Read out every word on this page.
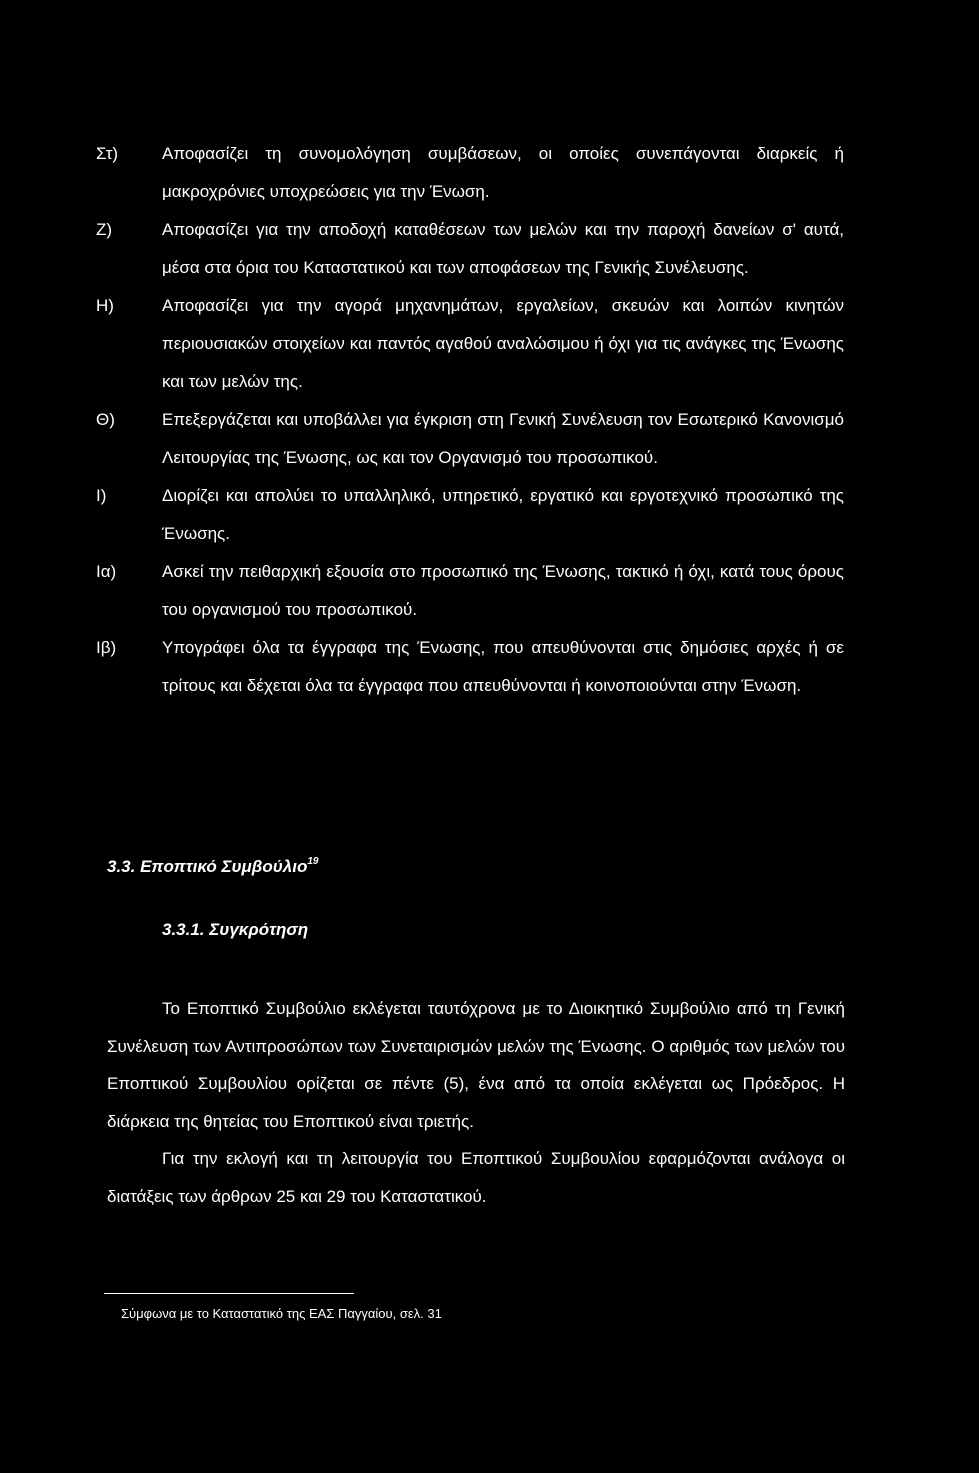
Στ)	Αποφασίζει τη συνομολόγηση συμβάσεων, οι οποίες συνεπάγονται διαρκείς ή μακροχρόνιες υποχρεώσεις για την Ένωση.
Ζ)	Αποφασίζει για την αποδοχή καταθέσεων των μελών και την παροχή δανείων σ' αυτά, μέσα στα όρια του Καταστατικού και των αποφάσεων της Γενικής Συνέλευσης.
Η)	Αποφασίζει για την αγορά μηχανημάτων, εργαλείων, σκευών και λοιπών κινητών περιουσιακών στοιχείων και παντός αγαθού αναλώσιμου ή όχι για τις ανάγκες της Ένωσης και των μελών της.
Θ)	Επεξεργάζεται και υποβάλλει για έγκριση στη Γενική Συνέλευση τον Εσωτερικό Κανονισμό Λειτουργίας της Ένωσης, ως και τον Οργανισμό του προσωπικού.
Ι)	Διορίζει και απολύει το υπαλληλικό, υπηρετικό, εργατικό και εργοτεχνικό προσωπικό της Ένωσης.
Ια)	Ασκεί την πειθαρχική εξουσία στο προσωπικό της Ένωσης, τακτικό ή όχι, κατά τους όρους του οργανισμού του προσωπικού.
Ιβ)	Υπογράφει όλα τα έγγραφα της Ένωσης, που απευθύνονται στις δημόσιες αρχές ή σε τρίτους και δέχεται όλα τα έγγραφα που απευθύνονται ή κοινοποιούνται στην Ένωση.
3.3. Εποπτικό Συμβούλιο$^{19}$
3.3.1. Συγκρότηση

Το Εποπτικό Συμβούλιο εκλέγεται ταυτόχρονα με το Διοικητικό Συμβούλιο από τη Γενική Συνέλευση των Αντιπροσώπων των Συνεταιρισμών μελών της Ένωσης. Ο αριθμός των μελών του Εποπτικού Συμβουλίου ορίζεται σε πέντε (5), ένα από τα οποία εκλέγεται ως Πρόεδρος. Η διάρκεια της θητείας του Εποπτικού είναι τριετής.

Για την εκλογή και τη λειτουργία του Εποπτικού Συμβουλίου εφαρμόζονται ανάλογα οι διατάξεις των άρθρων 25 και 29 του Καταστατικού.

Σύμφωνα με το Καταστατικό της ΕΑΣ Παγγαίου, σελ. 31
